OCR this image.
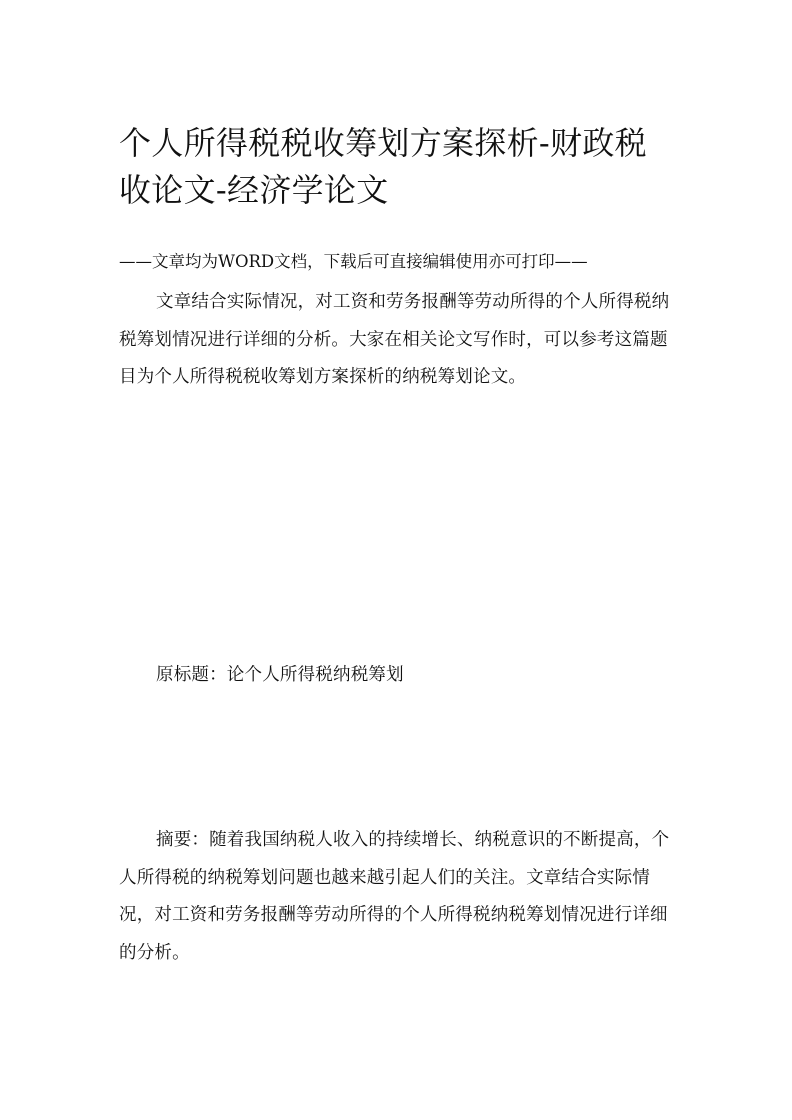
个人所得税税收筹划方案探析-财政税收论文-经济学论文
——文章均为WORD文档，下载后可直接编辑使用亦可打印——

文章结合实际情况，对工资和劳务报酬等劳动所得的个人所得税纳税筹划情况进行详细的分析。大家在相关论文写作时，可以参考这篇题目为个人所得税税收筹划方案探析的纳税筹划论文。

原标题：论个人所得税纳税筹划

摘要：随着我国纳税人收入的持续增长、纳税意识的不断提高，个人所得税的纳税筹划问题也越来越引起人们的关注。文章结合实际情况，对工资和劳务报酬等劳动所得的个人所得税纳税筹划情况进行详细的分析。
